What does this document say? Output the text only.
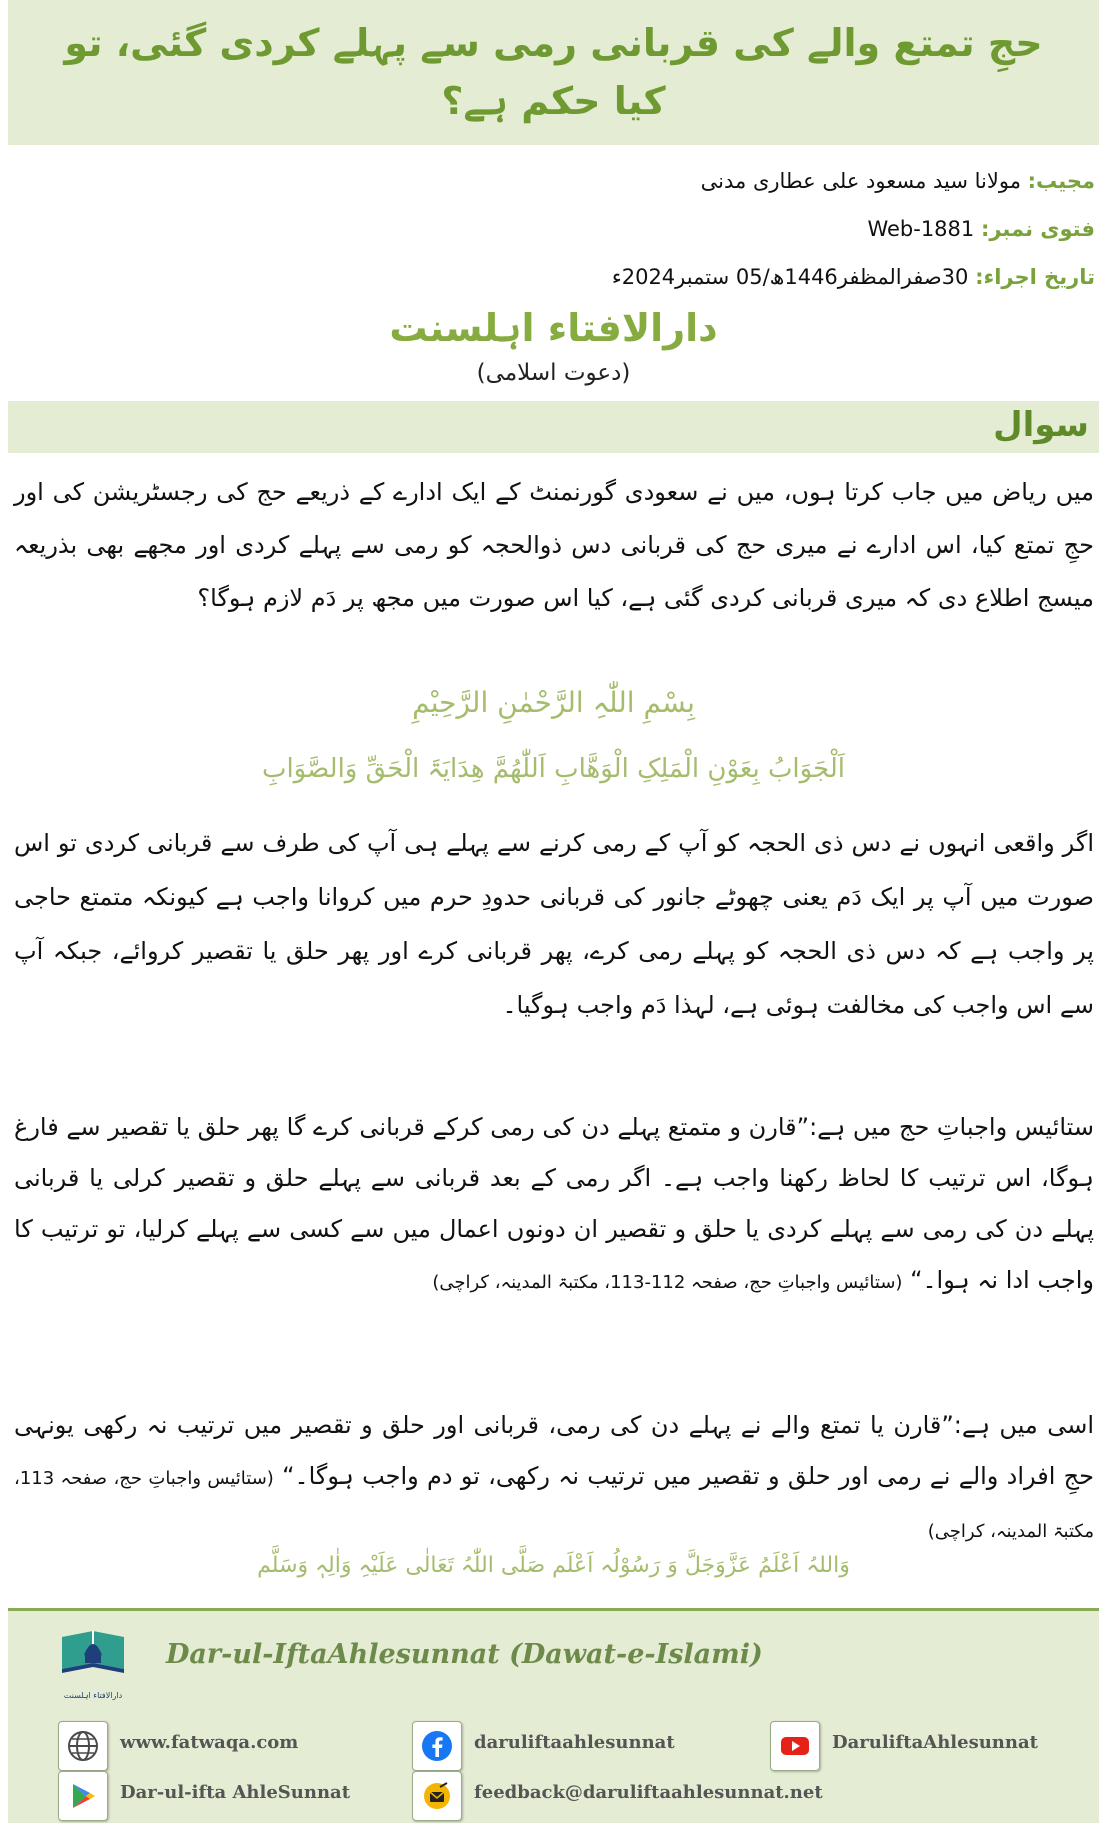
حجِ تمتع والے کی قربانی رمی سے پہلے کردی گئی، تو کیا حکم ہے؟
مجیب: مولانا سید مسعود علی عطاری مدنی
فتوی نمبر: Web-1881
تاریخ اجراء: 30صفرالمظفر1446ھ/05 ستمبر2024ء
دارالافتاء اہلسنت
(دعوت اسلامی)
سوال
میں ریاض میں جاب کرتا ہوں، میں نے سعودی گورنمنٹ کے ایک ادارے کے ذریعے حج کی رجسٹریشن کی اور حجِ تمتع کیا، اس ادارے نے میری حج کی قربانی دس ذوالحجہ کو رمی سے پہلے کردی اور مجھے بھی بذریعہ میسج اطلاع دی کہ میری قربانی کردی گئی ہے، کیا اس صورت میں مجھ پر دَم لازم ہوگا؟
بِسْمِ اللّٰہِ الرَّحْمٰنِ الرَّحِیْمِ
اَلْجَوَابُ بِعَوْنِ الْمَلِکِ الْوَھَّابِ اَللّٰھُمَّ ھِدَایَۃَ الْحَقِّ وَالصَّوَابِ
اگر واقعی انہوں نے دس ذی الحجہ کو آپ کے رمی کرنے سے پہلے ہی آپ کی طرف سے قربانی کردی تو اس صورت میں آپ پر ایک دَم یعنی چھوٹے جانور کی قربانی حدودِ حرم میں کروانا واجب ہے کیونکہ متمتع حاجی پر واجب ہے کہ دس ذی الحجہ کو پہلے رمی کرے، پھر قربانی کرے اور پھر حلق یا تقصیر کروائے، جبکہ آپ سے اس واجب کی مخالفت ہوئی ہے، لہذا دَم واجب ہوگیا۔
ستائیس واجباتِ حج میں ہے:”قارن و متمتع پہلے دن کی رمی کرکے قربانی کرے گا پھر حلق یا تقصیر سے فارغ ہوگا، اس ترتیب کا لحاظ رکھنا واجب ہے۔ اگر رمی کے بعد قربانی سے پہلے حلق و تقصیر کرلی یا قربانی پہلے دن کی رمی سے پہلے کردی یا حلق و تقصیر ان دونوں اعمال میں سے کسی سے پہلے کرلیا، تو ترتیب کا واجب ادا نہ ہوا۔“ (ستائیس واجباتِ حج، صفحہ 112-113، مکتبۃ المدینہ، کراچی)
اسی میں ہے:”قارن یا تمتع والے نے پہلے دن کی رمی، قربانی اور حلق و تقصیر میں ترتیب نہ رکھی یونہی حجِ افراد والے نے رمی اور حلق و تقصیر میں ترتیب نہ رکھی، تو دم واجب ہوگا۔“ (ستائیس واجباتِ حج، صفحہ 113، مکتبۃ المدینہ، کراچی)
وَاللہُ اَعْلَمُ عَزَّوَجَلَّ وَ رَسُوْلُہ اَعْلَم صَلَّی اللّٰہُ تَعَالٰی عَلَیْہِ وَاٰلِہٖ وَسَلَّم
دارالافتاء اہلسنت
Dar-ul-IftaAhlesunnat (Dawat-e-Islami)
www.fatwaqa.com	daruliftaahlesunnat	DaruliftaAhlesunnat
Dar-ul-ifta AhleSunnat	feedback@daruliftaahlesunnat.net
